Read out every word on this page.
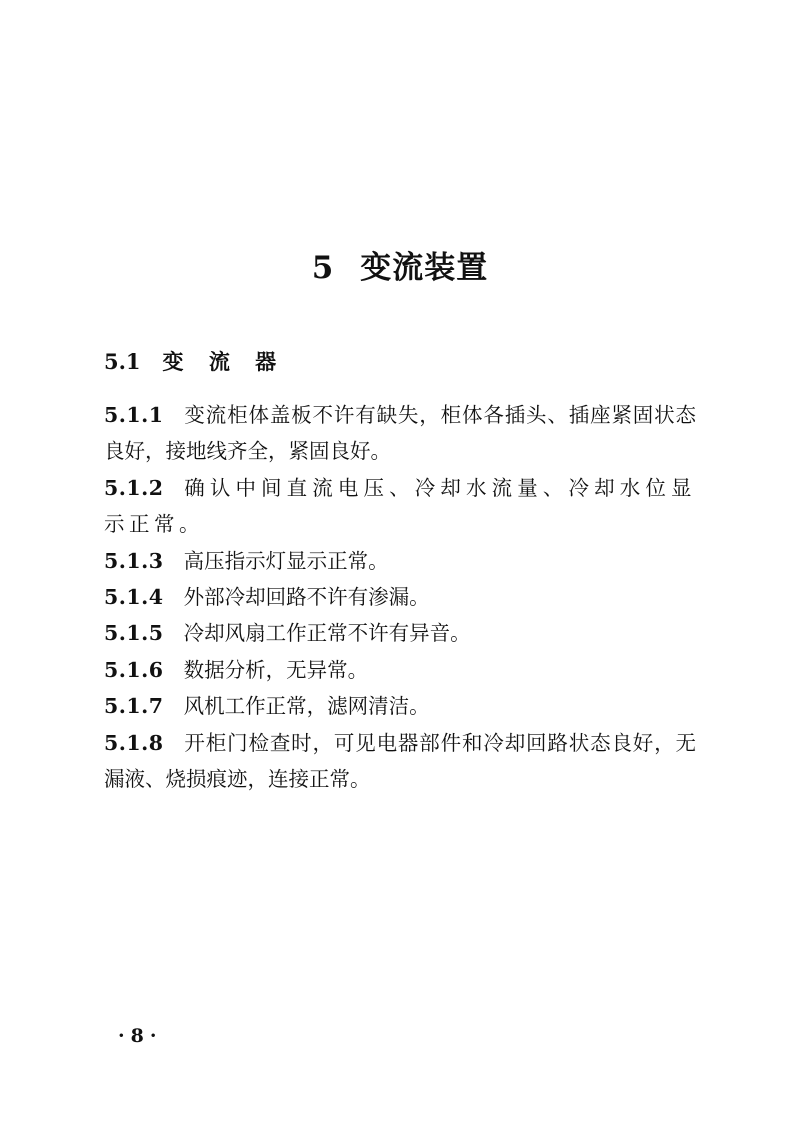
5 变流装置
5.1 变 流 器
5.1.1 变流柜体盖板不许有缺失，柜体各插头、插座紧固状态良好，接地线齐全，紧固良好。
5.1.2 确认中间直流电压、冷却水流量、冷却水位显示正常。
5.1.3 高压指示灯显示正常。
5.1.4 外部冷却回路不许有渗漏。
5.1.5 冷却风扇工作正常不许有异音。
5.1.6 数据分析，无异常。
5.1.7 风机工作正常，滤网清洁。
5.1.8 开柜门检查时，可见电器部件和冷却回路状态良好，无漏液、烧损痕迹，连接正常。
· 8 ·
